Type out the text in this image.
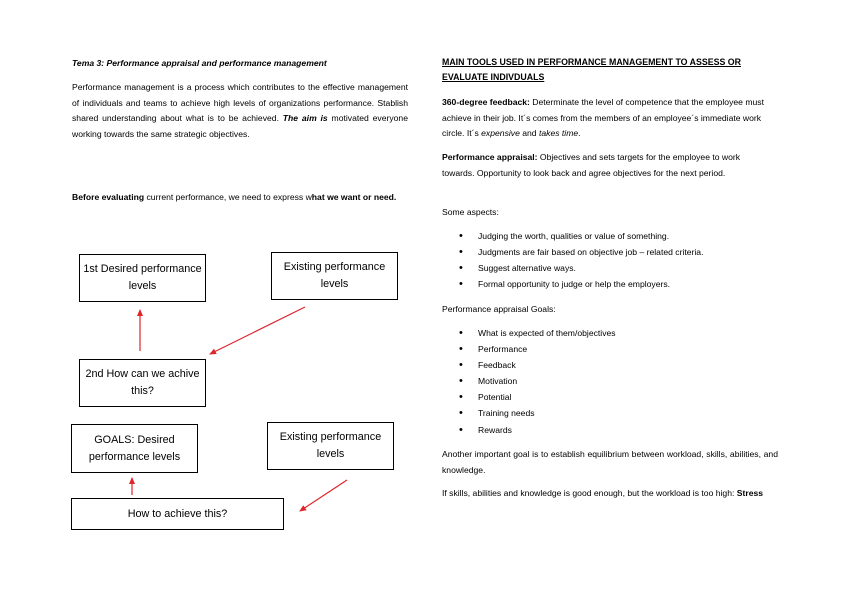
Tema 3: Performance appraisal and performance management
Performance management is a process which contributes to the effective management of individuals and teams to achieve high levels of organizations performance. Stablish shared understanding about what is to be achieved. The aim is motivated everyone working towards the same strategic objectives.
Before evaluating current performance, we need to express what we want or need.
1st Desired performance levels
Existing performance levels
2nd How can we achive this?
GOALS: Desired performance levels
Existing performance levels
How to achieve this?
MAIN TOOLS USED IN PERFORMANCE MANAGEMENT TO ASSESS OR EVALUATE INDIVDUALS
360-degree feedback: Determinate the level of competence that the employee must achieve in their job. It´s comes from the members of an employee´s immediate work circle. It´s expensive and takes time.
Performance appraisal: Objectives and sets targets for the employee to work towards. Opportunity to look back and agree objectives for the next period.
Some aspects:
• Judging the worth, qualities or value of something.
• Judgments are fair based on objective job – related criteria.
• Suggest alternative ways.
• Formal opportunity to judge or help the employers.
Performance appraisal Goals:
• What is expected of them/objectives
• Performance
• Feedback
• Motivation
• Potential
• Training needs
• Rewards
Another important goal is to establish equilibrium between workload, skills, abilities, and knowledge.
If skills, abilities and knowledge is good enough, but the workload is too high: Stress
